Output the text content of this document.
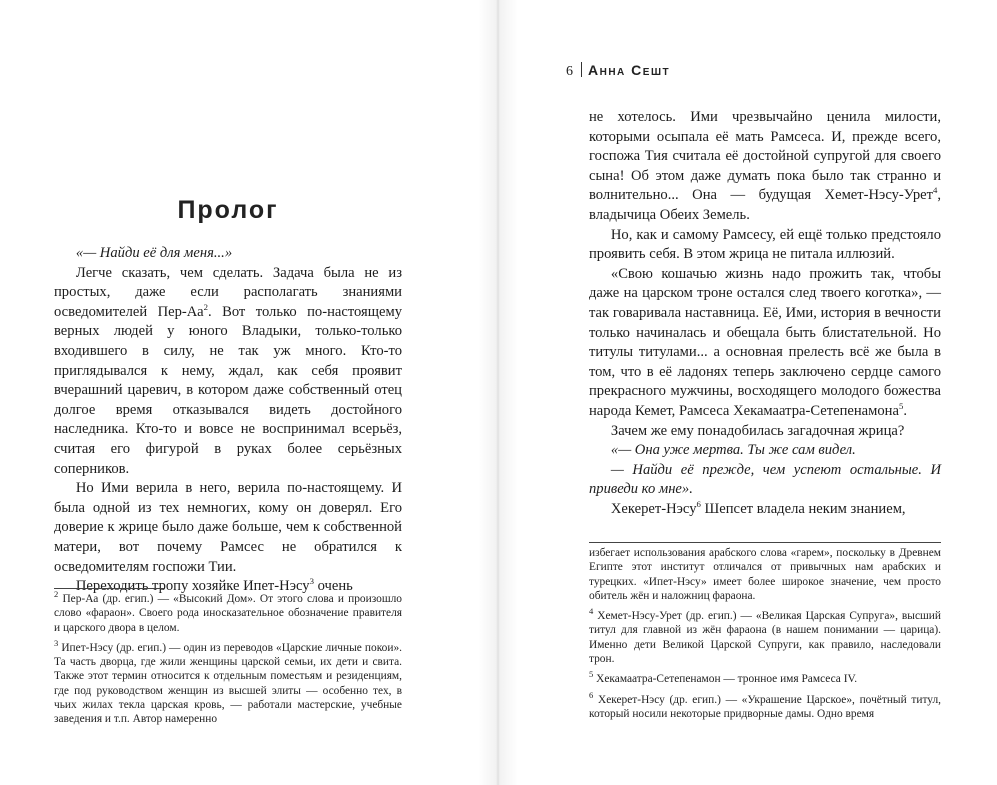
Пролог

«— Найди её для меня...»

Легче сказать, чем сделать. Задача была не из простых, даже если располагать знаниями осведомителей Пер-$Аа^2$. Вот только по-настоящему верных людей у юного Владыки, только-только входившего в силу, не так уж много. Кто-то приглядывался к нему, ждал, как себя проявит вчерашний царевич, в котором даже собственный отец долгое время отказывался видеть достойного наследника. Кто-то и вовсе не воспринимал всерьёз, считая его фигурой в руках более серьёзных соперников.

Но Ими верила в него, верила по-настоящему. И была одной из тех немногих, кому он доверял. Его доверие к жрице было даже больше, чем к собственной матери, вот почему Рамсес не обратился к осведомителям госпожи Тии.

Переходить тропу хозяйке Ипет-Нэсу$^3$ очень

$^2$ Пер-Аа (др. егип.) — «Высокий Дом». От этого слова и произошло слово «фараон». Своего рода иносказательное обозначение правителя и царского двора в целом.

$^3$ Ипет-Нэсу (др. егип.) — один из переводов «Царские личные покои». Та часть дворца, где жили женщины царской семьи, их дети и свита. Также этот термин относится к отдельным поместьям и резиденциям, где под руководством женщин из высшей элиты — особенно тех, в чьих жилах текла царская кровь, — работали мастерские, учебные заведения и т.п. Автор намеренно

6 Анна Сешт

не хотелось. Ими чрезвычайно ценила милости, которыми осыпала её мать Рамсеса. И, прежде всего, госпожа Тия считала её достойной супругой для своего сына! Об этом даже думать пока было так странно и волнительно... Она — будущая Хемет-Нэсу-Урет$^4$, владычица Обеих Земель.

Но, как и самому Рамсесу, ей ещё только предстояло проявить себя. В этом жрица не питала иллюзий.

«Свою кошачью жизнь надо прожить так, чтобы даже на царском троне остался след твоего коготка», — так говаривала наставница. Её, Ими, история в вечности только начиналась и обещала быть блистательной. Но титулы титулами... а основная прелесть всё же была в том, что в её ладонях теперь заключено сердце самого прекрасного мужчины, восходящего молодого божества народа Кемет, Рамсеса Хекамаатра-Сетепенамона$^5$.

Зачем же ему понадобилась загадочная жрица?

«— Она уже мертва. Ты же сам видел.

— Найди её прежде, чем успеют остальные. И приведи ко мне».

Хекерет-Нэсу$^6$ Шепсет владела неким знанием,

избегает использования арабского слова «гарем», поскольку в Древнем Египте этот институт отличался от привычных нам арабских и турецких. «Ипет-Нэсу» имеет более широкое значение, чем просто обитель жён и наложниц фараона.

$^4$ Хемет-Нэсу-Урет (др. егип.) — «Великая Царская Супруга», высший титул для главной из жён фараона (в нашем понимании — царица). Именно дети Великой Царской Супруги, как правило, наследовали трон.

$^5$ Хекамаатра-Сетепенамон — тронное имя Рамсеса IV.

$^6$ Хекерет-Нэсу (др. егип.) — «Украшение Царское», почётный титул, который носили некоторые придворные дамы. Одно время
